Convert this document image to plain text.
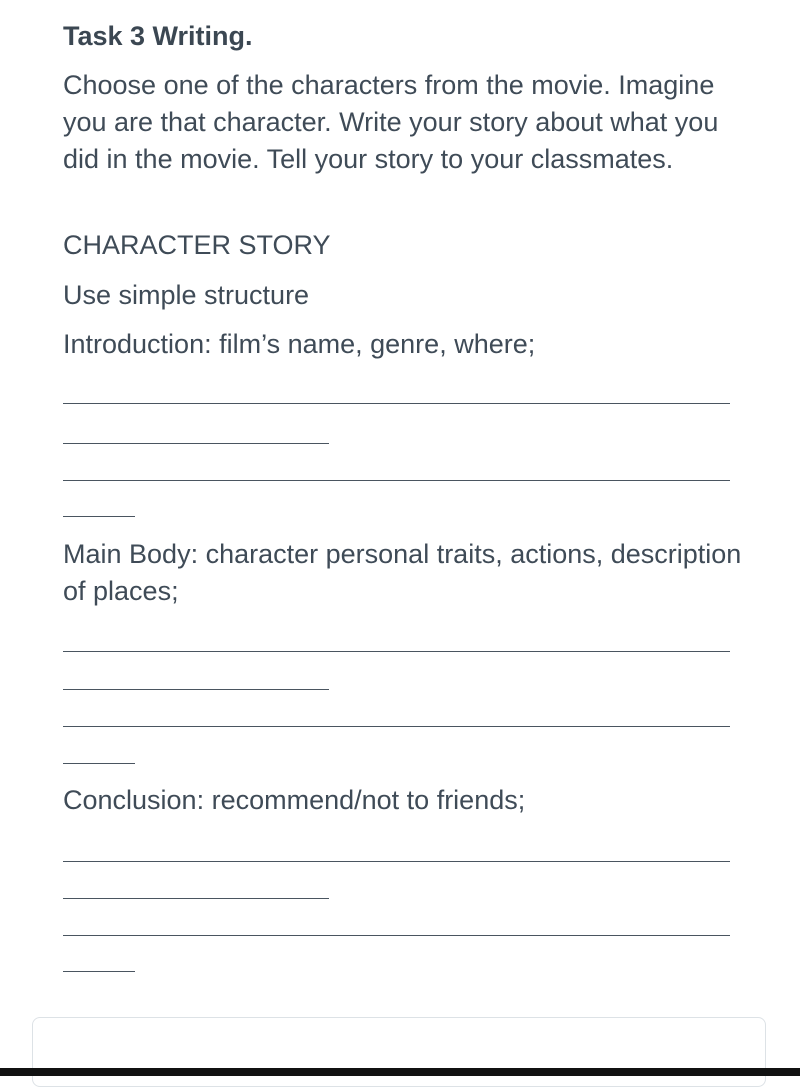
Task 3 Writing.

Choose one of the characters from the movie. Imagine you are that character. Write your story about what you did in the movie. Tell your story to your classmates.

CHARACTER STORY
Use simple structure
Introduction: film’s name, genre, where;
Main Body: character personal traits, actions, description of places;
Conclusion: recommend/not to friends;
